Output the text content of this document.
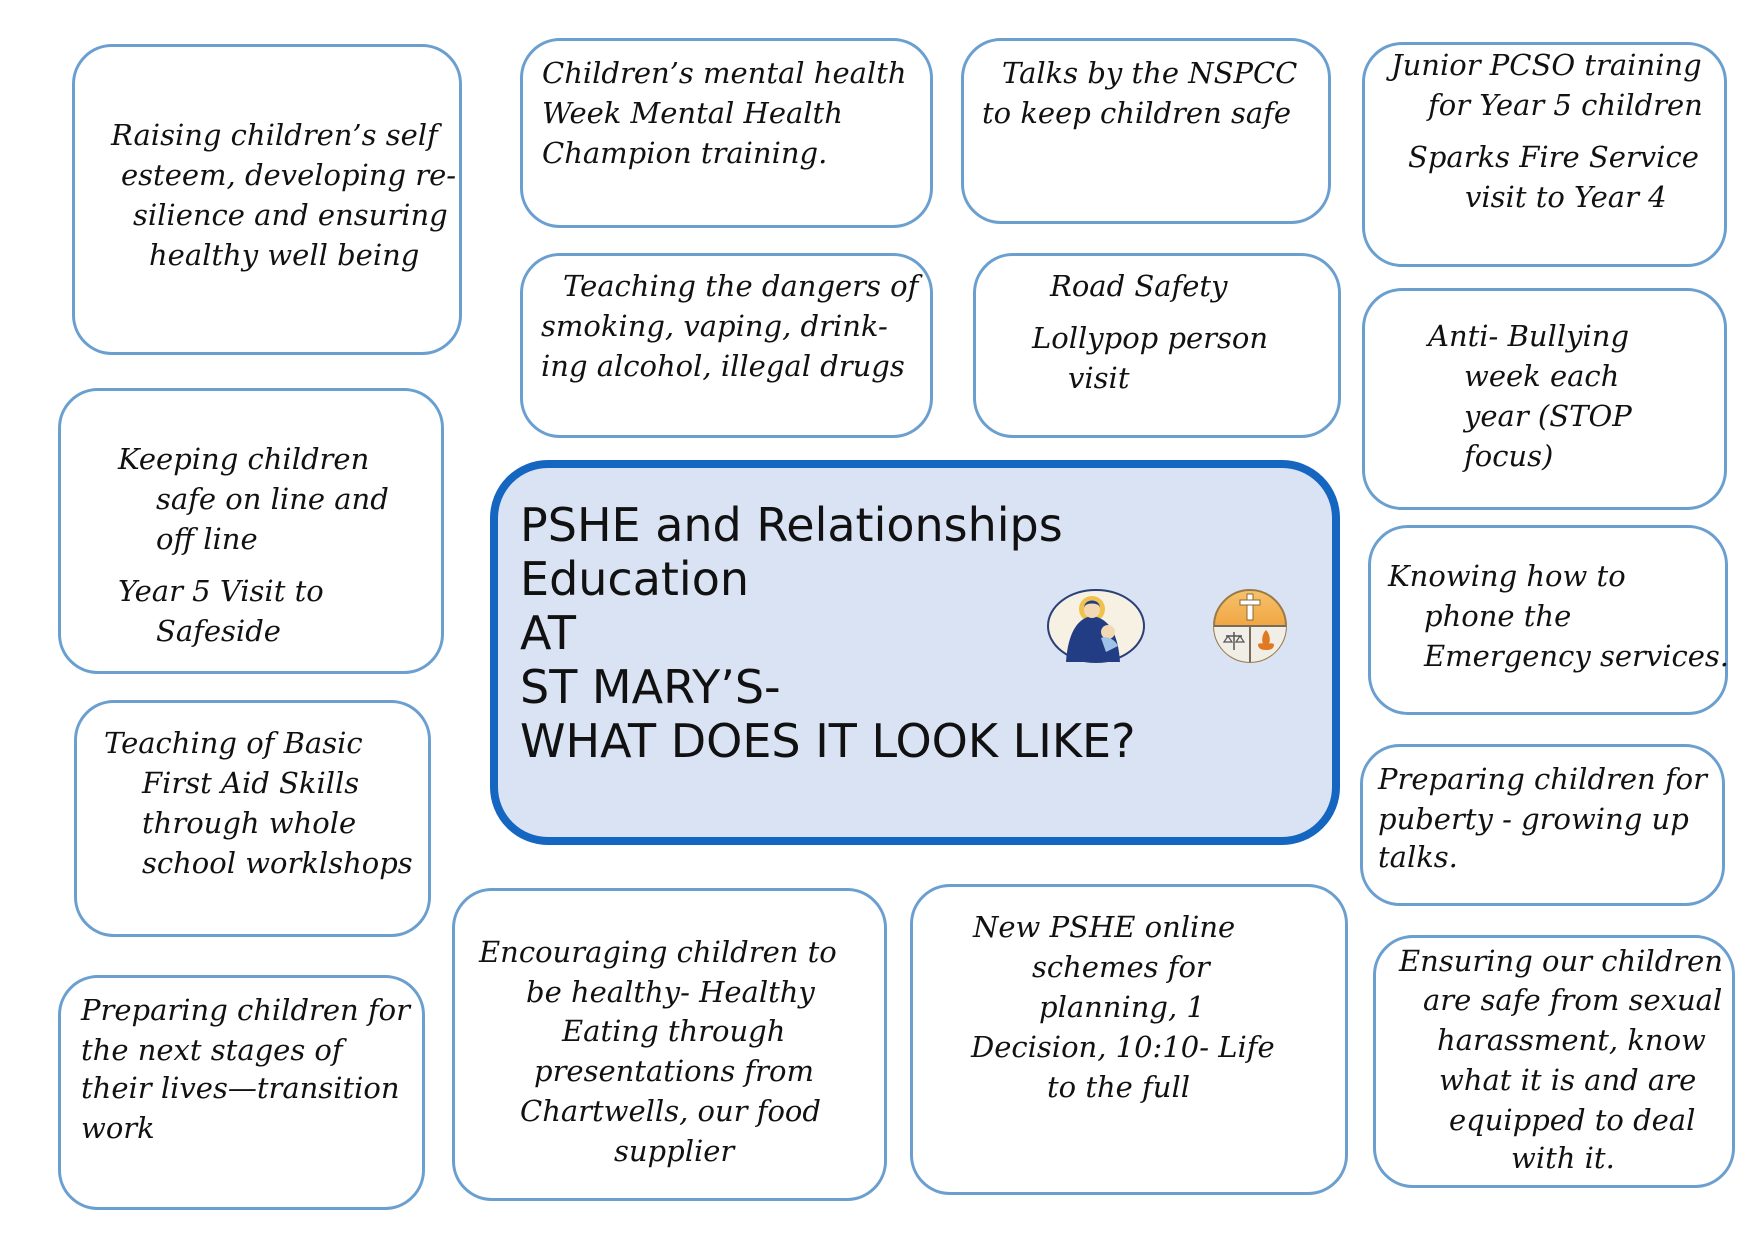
Raising children’s self
esteem, developing re-
silience and ensuring
healthy well being
Children’s mental health
Week Mental Health
Champion training.
Talks by the NSPCC
to keep children safe
Junior PCSO training
for Year 5 children
Sparks Fire Service
visit to Year 4
Teaching the dangers of
smoking, vaping, drink-
ing alcohol, illegal drugs
Road Safety
Lollypop person
visit
Anti- Bullying
week each
year (STOP
focus)
Keeping children
safe on line and
off line
Year 5 Visit to
Safeside
Knowing how to
phone the
Emergency services.
Teaching of Basic
First Aid Skills
through whole
school worklshops
Preparing children for
puberty - growing up
talks.
Preparing children for
the next stages of
their lives—transition
work
Encouraging children to
be healthy- Healthy
Eating through
presentations from
Chartwells, our food
supplier
New PSHE online
schemes for
planning, 1
Decision, 10:10- Life
to the full
Ensuring our children
are safe from sexual
harassment, know
what it is and are
equipped to deal
with it.
PSHE and Relationships
Education
AT
ST MARY’S-
WHAT DOES IT LOOK LIKE?
